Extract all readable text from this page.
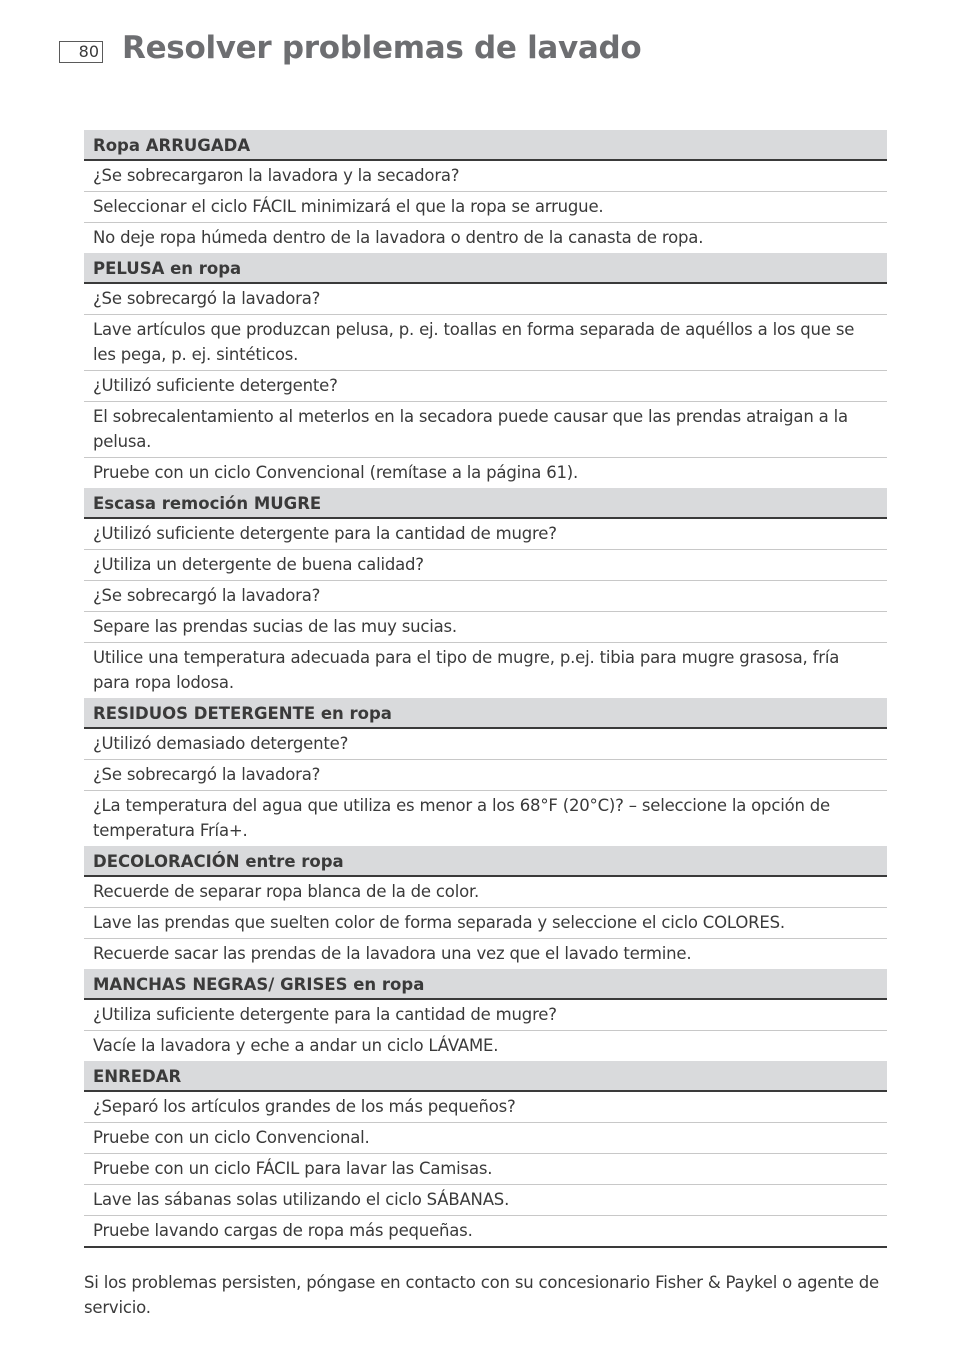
80 Resolver problemas de lavado
Ropa ARRUGADA
¿Se sobrecargaron la lavadora y la secadora?
Seleccionar el ciclo FÁCIL minimizará el que la ropa se arrugue.
No deje ropa húmeda dentro de la lavadora o dentro de la canasta de ropa.
PELUSA en ropa
¿Se sobrecargó la lavadora?
Lave artículos que produzcan pelusa, p. ej. toallas en forma separada de aquéllos a los que se les pega, p. ej. sintéticos.
¿Utilizó suficiente detergente?
El sobrecalentamiento al meterlos en la secadora puede causar que las prendas atraigan a la pelusa.
Pruebe con un ciclo Convencional (remítase a la página 61).
Escasa remoción MUGRE
¿Utilizó suficiente detergente para la cantidad de mugre?
¿Utiliza un detergente de buena calidad?
¿Se sobrecargó la lavadora?
Separe las prendas sucias de las muy sucias.
Utilice una temperatura adecuada para el tipo de mugre, p.ej. tibia para mugre grasosa, fría para ropa lodosa.
RESIDUOS DETERGENTE en ropa
¿Utilizó demasiado detergente?
¿Se sobrecargó la lavadora?
¿La temperatura del agua que utiliza es menor a los 68°F (20°C)? – seleccione la opción de temperatura Fría+.
DECOLORACIÓN entre ropa
Recuerde de separar ropa blanca de la de color.
Lave las prendas que suelten color de forma separada y seleccione el ciclo COLORES.
Recuerde sacar las prendas de la lavadora una vez que el lavado termine.
MANCHAS NEGRAS/ GRISES en ropa
¿Utiliza suficiente detergente para la cantidad de mugre?
Vacíe la lavadora y eche a andar un ciclo LÁVAME.
ENREDAR
¿Separó los artículos grandes de los más pequeños?
Pruebe con un ciclo Convencional.
Pruebe con un ciclo FÁCIL para lavar las Camisas.
Lave las sábanas solas utilizando el ciclo SÁBANAS.
Pruebe lavando cargas de ropa más pequeñas.
Si los problemas persisten, póngase en contacto con su concesionario Fisher & Paykel o agente de servicio.
